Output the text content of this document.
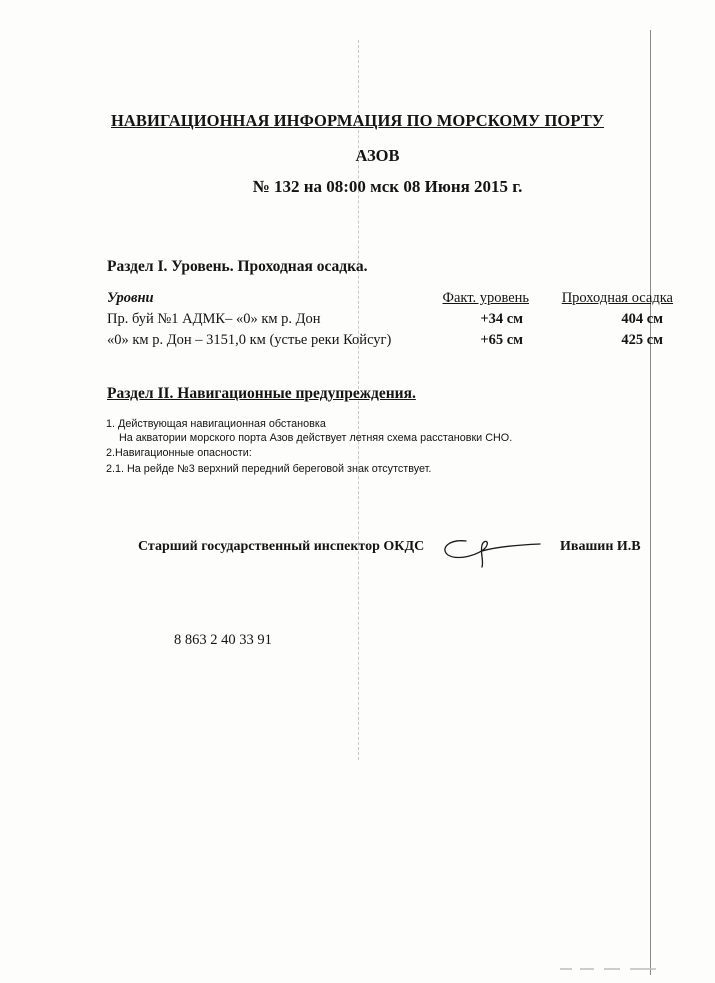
НАВИГАЦИОННАЯ ИНФОРМАЦИЯ ПО МОРСКОМУ ПОРТУ
АЗОВ
№ 132 на 08:00 мск 08 Июня 2015 г.
Раздел I. Уровень. Проходная осадка.
Уровни	Факт. уровень	Проходная осадка
Пр. буй №1 АДМК– «0» км р. Дон	+34 см	404 см
«0» км р. Дон – 3151,0 км (устье реки Койсуг)	+65 см	425 см
Раздел II. Навигационные предупреждения.
1. Действующая навигационная обстановка
На акватории морского порта Азов действует летняя схема расстановки СНО.
2.Навигационные опасности:
2.1. На рейде №3 верхний передний береговой знак отсутствует.
Старший государственный инспектор ОКДС	Ивашин И.В
8 863 2 40 33 91
